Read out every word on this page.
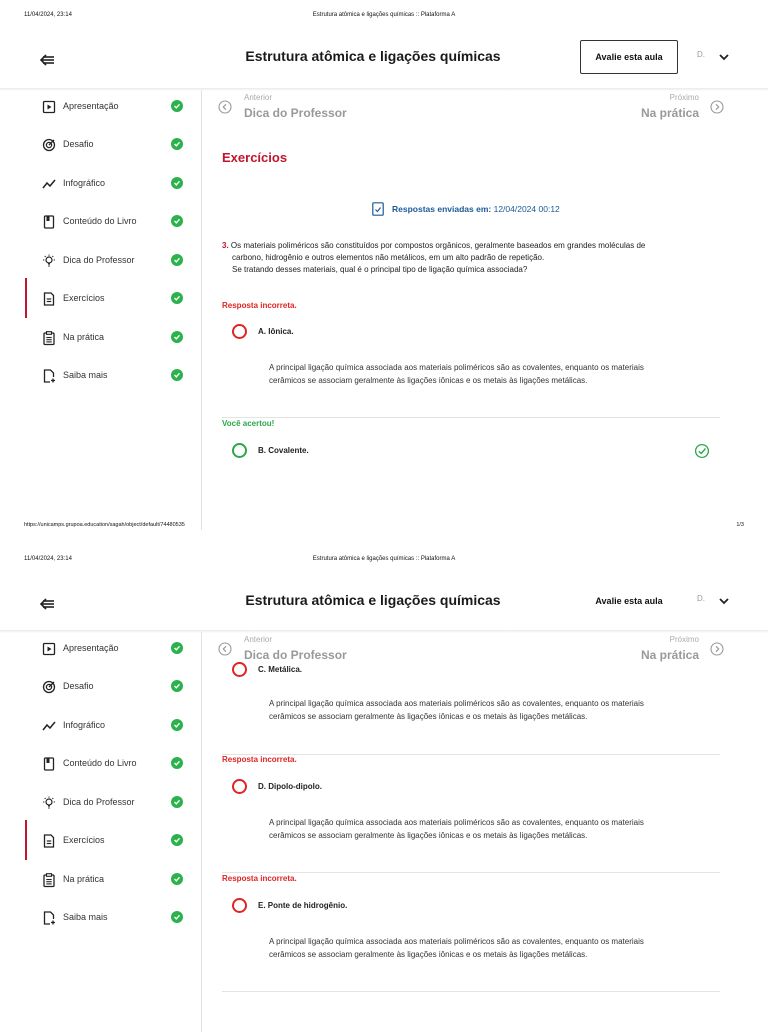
11/04/2024, 23:14	Estrutura atômica e ligações químicas :: Plataforma A
Estrutura atômica e ligações químicas	Avalie esta aula	D.
Apresentação
Desafio
Infográfico
Conteúdo do Livro
Dica do Professor
Exercícios
Na prática
Saiba mais
Anterior
Dica do Professor
Próximo
Na prática
Exercícios
Respostas enviadas em: 12/04/2024 00:12
3. Os materiais poliméricos são constituídos por compostos orgânicos, geralmente baseados em grandes moléculas de
carbono, hidrogênio e outros elementos não metálicos, em um alto padrão de repetição.
Se tratando desses materiais, qual é o principal tipo de ligação química associada?
Resposta incorreta.
A. Iônica.
A principal ligação química associada aos materiais poliméricos são as covalentes, enquanto os materiais
cerâmicos se associam geralmente às ligações iônicas e os metais às ligações metálicas.
Você acertou!
B. Covalente.
https://unicamps.grupoa.education/sagah/object/default/74480535	1/3
11/04/2024, 23:14	Estrutura atômica e ligações químicas :: Plataforma A
Estrutura atômica e ligações químicas	Avalie esta aula	D.
Apresentação
Desafio
Infográfico
Conteúdo do Livro
Dica do Professor
Exercícios
Na prática
Saiba mais
Anterior
Dica do Professor
Próximo
Na prática
C. Metálica.
A principal ligação química associada aos materiais poliméricos são as covalentes, enquanto os materiais
cerâmicos se associam geralmente às ligações iônicas e os metais às ligações metálicas.
Resposta incorreta.
D. Dipolo-dipolo.
A principal ligação química associada aos materiais poliméricos são as covalentes, enquanto os materiais
cerâmicos se associam geralmente às ligações iônicas e os metais às ligações metálicas.
Resposta incorreta.
E. Ponte de hidrogênio.
A principal ligação química associada aos materiais poliméricos são as covalentes, enquanto os materiais
cerâmicos se associam geralmente às ligações iônicas e os metais às ligações metálicas.
